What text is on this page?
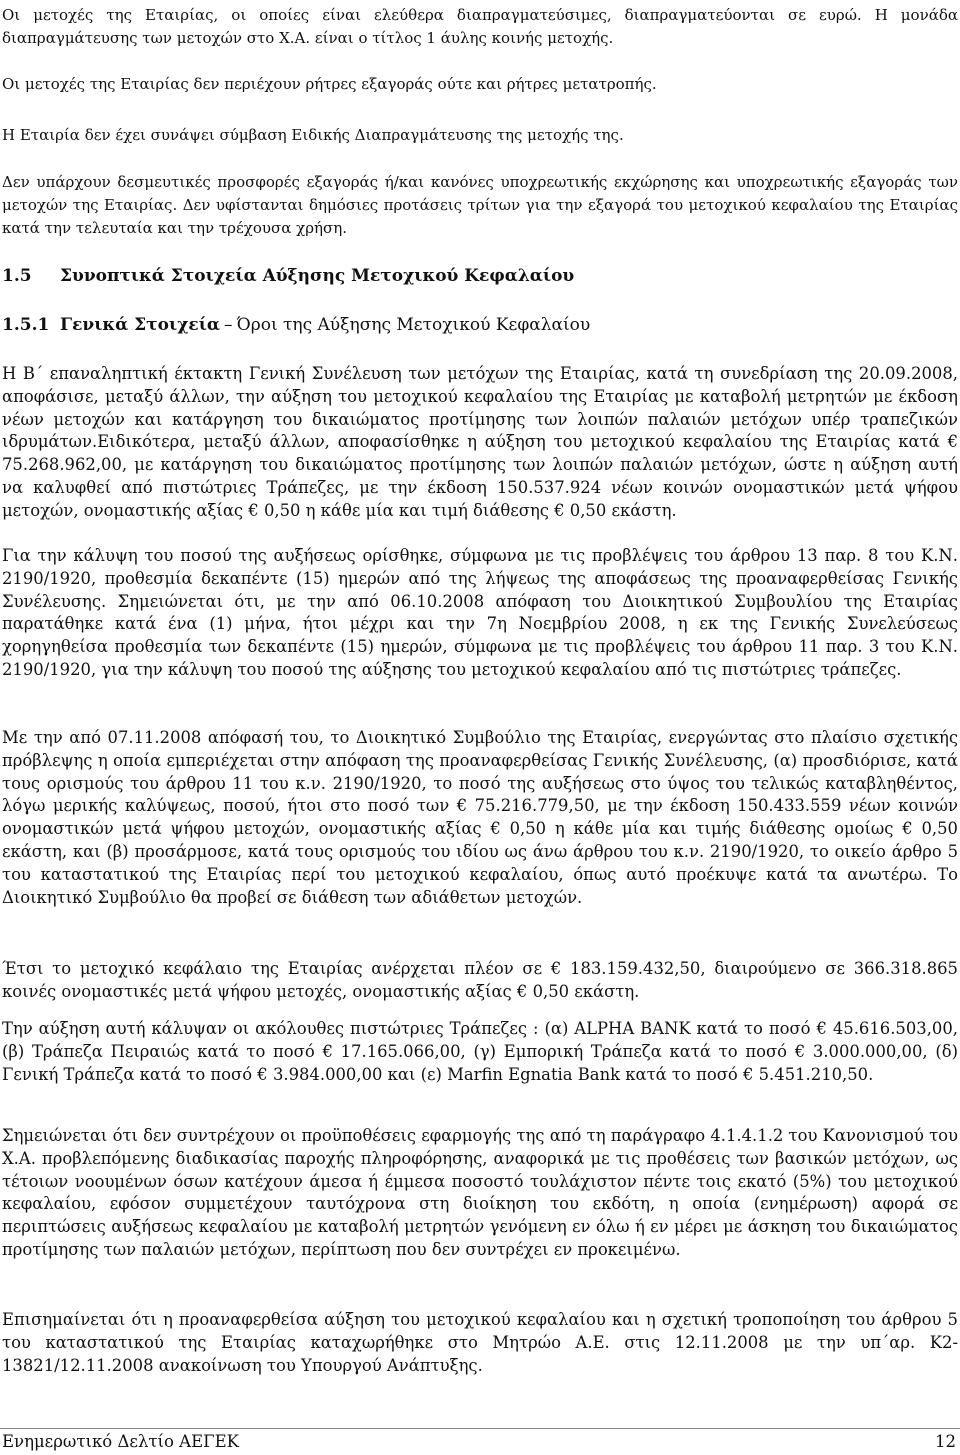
Οι μετοχές της Εταιρίας, οι οποίες είναι ελεύθερα διαπραγματεύσιμες, διαπραγματεύονται σε ευρώ. Η μονάδα διαπραγμάτευσης των μετοχών στο Χ.Α. είναι ο τίτλος 1 άυλης κοινής μετοχής.

Οι μετοχές της Εταιρίας δεν περιέχουν ρήτρες εξαγοράς ούτε και ρήτρες μετατροπής.

Η Εταιρία δεν έχει συνάψει σύμβαση Ειδικής Διαπραγμάτευσης της μετοχής της.

Δεν υπάρχουν δεσμευτικές προσφορές εξαγοράς ή/και κανόνες υποχρεωτικής εκχώρησης και υποχρεωτικής εξαγοράς των μετοχών της Εταιρίας. Δεν υφίστανται δημόσιες προτάσεις τρίτων για την εξαγορά του μετοχικού κεφαλαίου της Εταιρίας κατά την τελευταία και την τρέχουσα χρήση.

1.5 Συνοπτικά Στοιχεία Αύξησης Μετοχικού Κεφαλαίου
1.5.1 Γενικά Στοιχεία – Όροι της Αύξησης Μετοχικού Κεφαλαίου

Η Β΄ επαναληπτική έκτακτη Γενική Συνέλευση των μετόχων της Εταιρίας, κατά τη συνεδρίαση της 20.09.2008, αποφάσισε, μεταξύ άλλων, την αύξηση του μετοχικού κεφαλαίου της Εταιρίας με καταβολή μετρητών με έκδοση νέων μετοχών και κατάργηση του δικαιώματος προτίμησης των λοιπών παλαιών μετόχων υπέρ τραπεζικών ιδρυμάτων.Ειδικότερα, μεταξύ άλλων, αποφασίσθηκε η αύξηση του μετοχικού κεφαλαίου της Εταιρίας κατά € 75.268.962,00, με κατάργηση του δικαιώματος προτίμησης των λοιπών παλαιών μετόχων, ώστε η αύξηση αυτή να καλυφθεί από πιστώτριες Τράπεζες, με την έκδοση 150.537.924 νέων κοινών ονομαστικών μετά ψήφου μετοχών, ονομαστικής αξίας € 0,50 η κάθε μία και τιμή διάθεσης € 0,50 εκάστη.

Για την κάλυψη του ποσού της αυξήσεως ορίσθηκε, σύμφωνα με τις προβλέψεις του άρθρου 13 παρ. 8 του Κ.Ν. 2190/1920, προθεσμία δεκαπέντε (15) ημερών από της λήψεως της αποφάσεως της προαναφερθείσας Γενικής Συνέλευσης. Σημειώνεται ότι, με την από 06.10.2008 απόφαση του Διοικητικού Συμβουλίου της Εταιρίας παρατάθηκε κατά ένα (1) μήνα, ήτοι μέχρι και την 7η Νοεμβρίου 2008, η εκ της Γενικής Συνελεύσεως χορηγηθείσα προθεσμία των δεκαπέντε (15) ημερών, σύμφωνα με τις προβλέψεις του άρθρου 11 παρ. 3 του Κ.Ν. 2190/1920, για την κάλυψη του ποσού της αύξησης του μετοχικού κεφαλαίου από τις πιστώτριες τράπεζες.

Με την από 07.11.2008 απόφασή του, το Διοικητικό Συμβούλιο της Εταιρίας, ενεργώντας στο πλαίσιο σχετικής πρόβλεψης η οποία εμπεριέχεται στην απόφαση της προαναφερθείσας Γενικής Συνέλευσης, (α) προσδιόρισε, κατά τους ορισμούς του άρθρου 11 του κ.ν. 2190/1920, το ποσό της αυξήσεως στο ύψος του τελικώς καταβληθέντος, λόγω μερικής καλύψεως, ποσού, ήτοι στο ποσό των € 75.216.779,50, με την έκδοση 150.433.559 νέων κοινών ονομαστικών μετά ψήφου μετοχών, ονομαστικής αξίας € 0,50 η κάθε μία και τιμής διάθεσης ομοίως € 0,50 εκάστη, και (β) προσάρμοσε, κατά τους ορισμούς του ιδίου ως άνω άρθρου του κ.ν. 2190/1920, το οικείο άρθρο 5 του καταστατικού της Εταιρίας περί του μετοχικού κεφαλαίου, όπως αυτό προέκυψε κατά τα ανωτέρω. Το Διοικητικό Συμβούλιο θα προβεί σε διάθεση των αδιάθετων μετοχών.

Έτσι το μετοχικό κεφάλαιο της Εταιρίας ανέρχεται πλέον σε € 183.159.432,50, διαιρούμενο σε 366.318.865 κοινές ονομαστικές μετά ψήφου μετοχές, ονομαστικής αξίας € 0,50 εκάστη.

Την αύξηση αυτή κάλυψαν οι ακόλουθες πιστώτριες Τράπεζες : (α) ALPHA BANK κατά το ποσό € 45.616.503,00, (β) Τράπεζα Πειραιώς κατά το ποσό € 17.165.066,00, (γ) Εμπορική Τράπεζα κατά το ποσό € 3.000.000,00, (δ) Γενική Τράπεζα κατά το ποσό € 3.984.000,00 και (ε) Marfin Egnatia Bank κατά το ποσό € 5.451.210,50.

Σημειώνεται ότι δεν συντρέχουν οι προϋποθέσεις εφαρμογής της από τη παράγραφο 4.1.4.1.2 του Κανονισμού του Χ.Α. προβλεπόμενης διαδικασίας παροχής πληροφόρησης, αναφορικά με τις προθέσεις των βασικών μετόχων, ως τέτοιων νοουμένων όσων κατέχουν άμεσα ή έμμεσα ποσοστό τουλάχιστον πέντε τοις εκατό (5%) του μετοχικού κεφαλαίου, εφόσον συμμετέχουν ταυτόχρονα στη διοίκηση του εκδότη, η οποία (ενημέρωση) αφορά σε περιπτώσεις αυξήσεως κεφαλαίου με καταβολή μετρητών γενόμενη εν όλω ή εν μέρει με άσκηση του δικαιώματος προτίμησης των παλαιών μετόχων, περίπτωση που δεν συντρέχει εν προκειμένω.

Επισημαίνεται ότι η προαναφερθείσα αύξηση του μετοχικού κεφαλαίου και η σχετική τροποποίηση του άρθρου 5 του καταστατικού της Εταιρίας καταχωρήθηκε στο Μητρώο Α.Ε. στις 12.11.2008 με την υπ΄αρ. Κ2-13821/12.11.2008 ανακοίνωση του Υπουργού Ανάπτυξης.

Ενημερωτικό Δελτίο ΑΕΓΕΚ	12
